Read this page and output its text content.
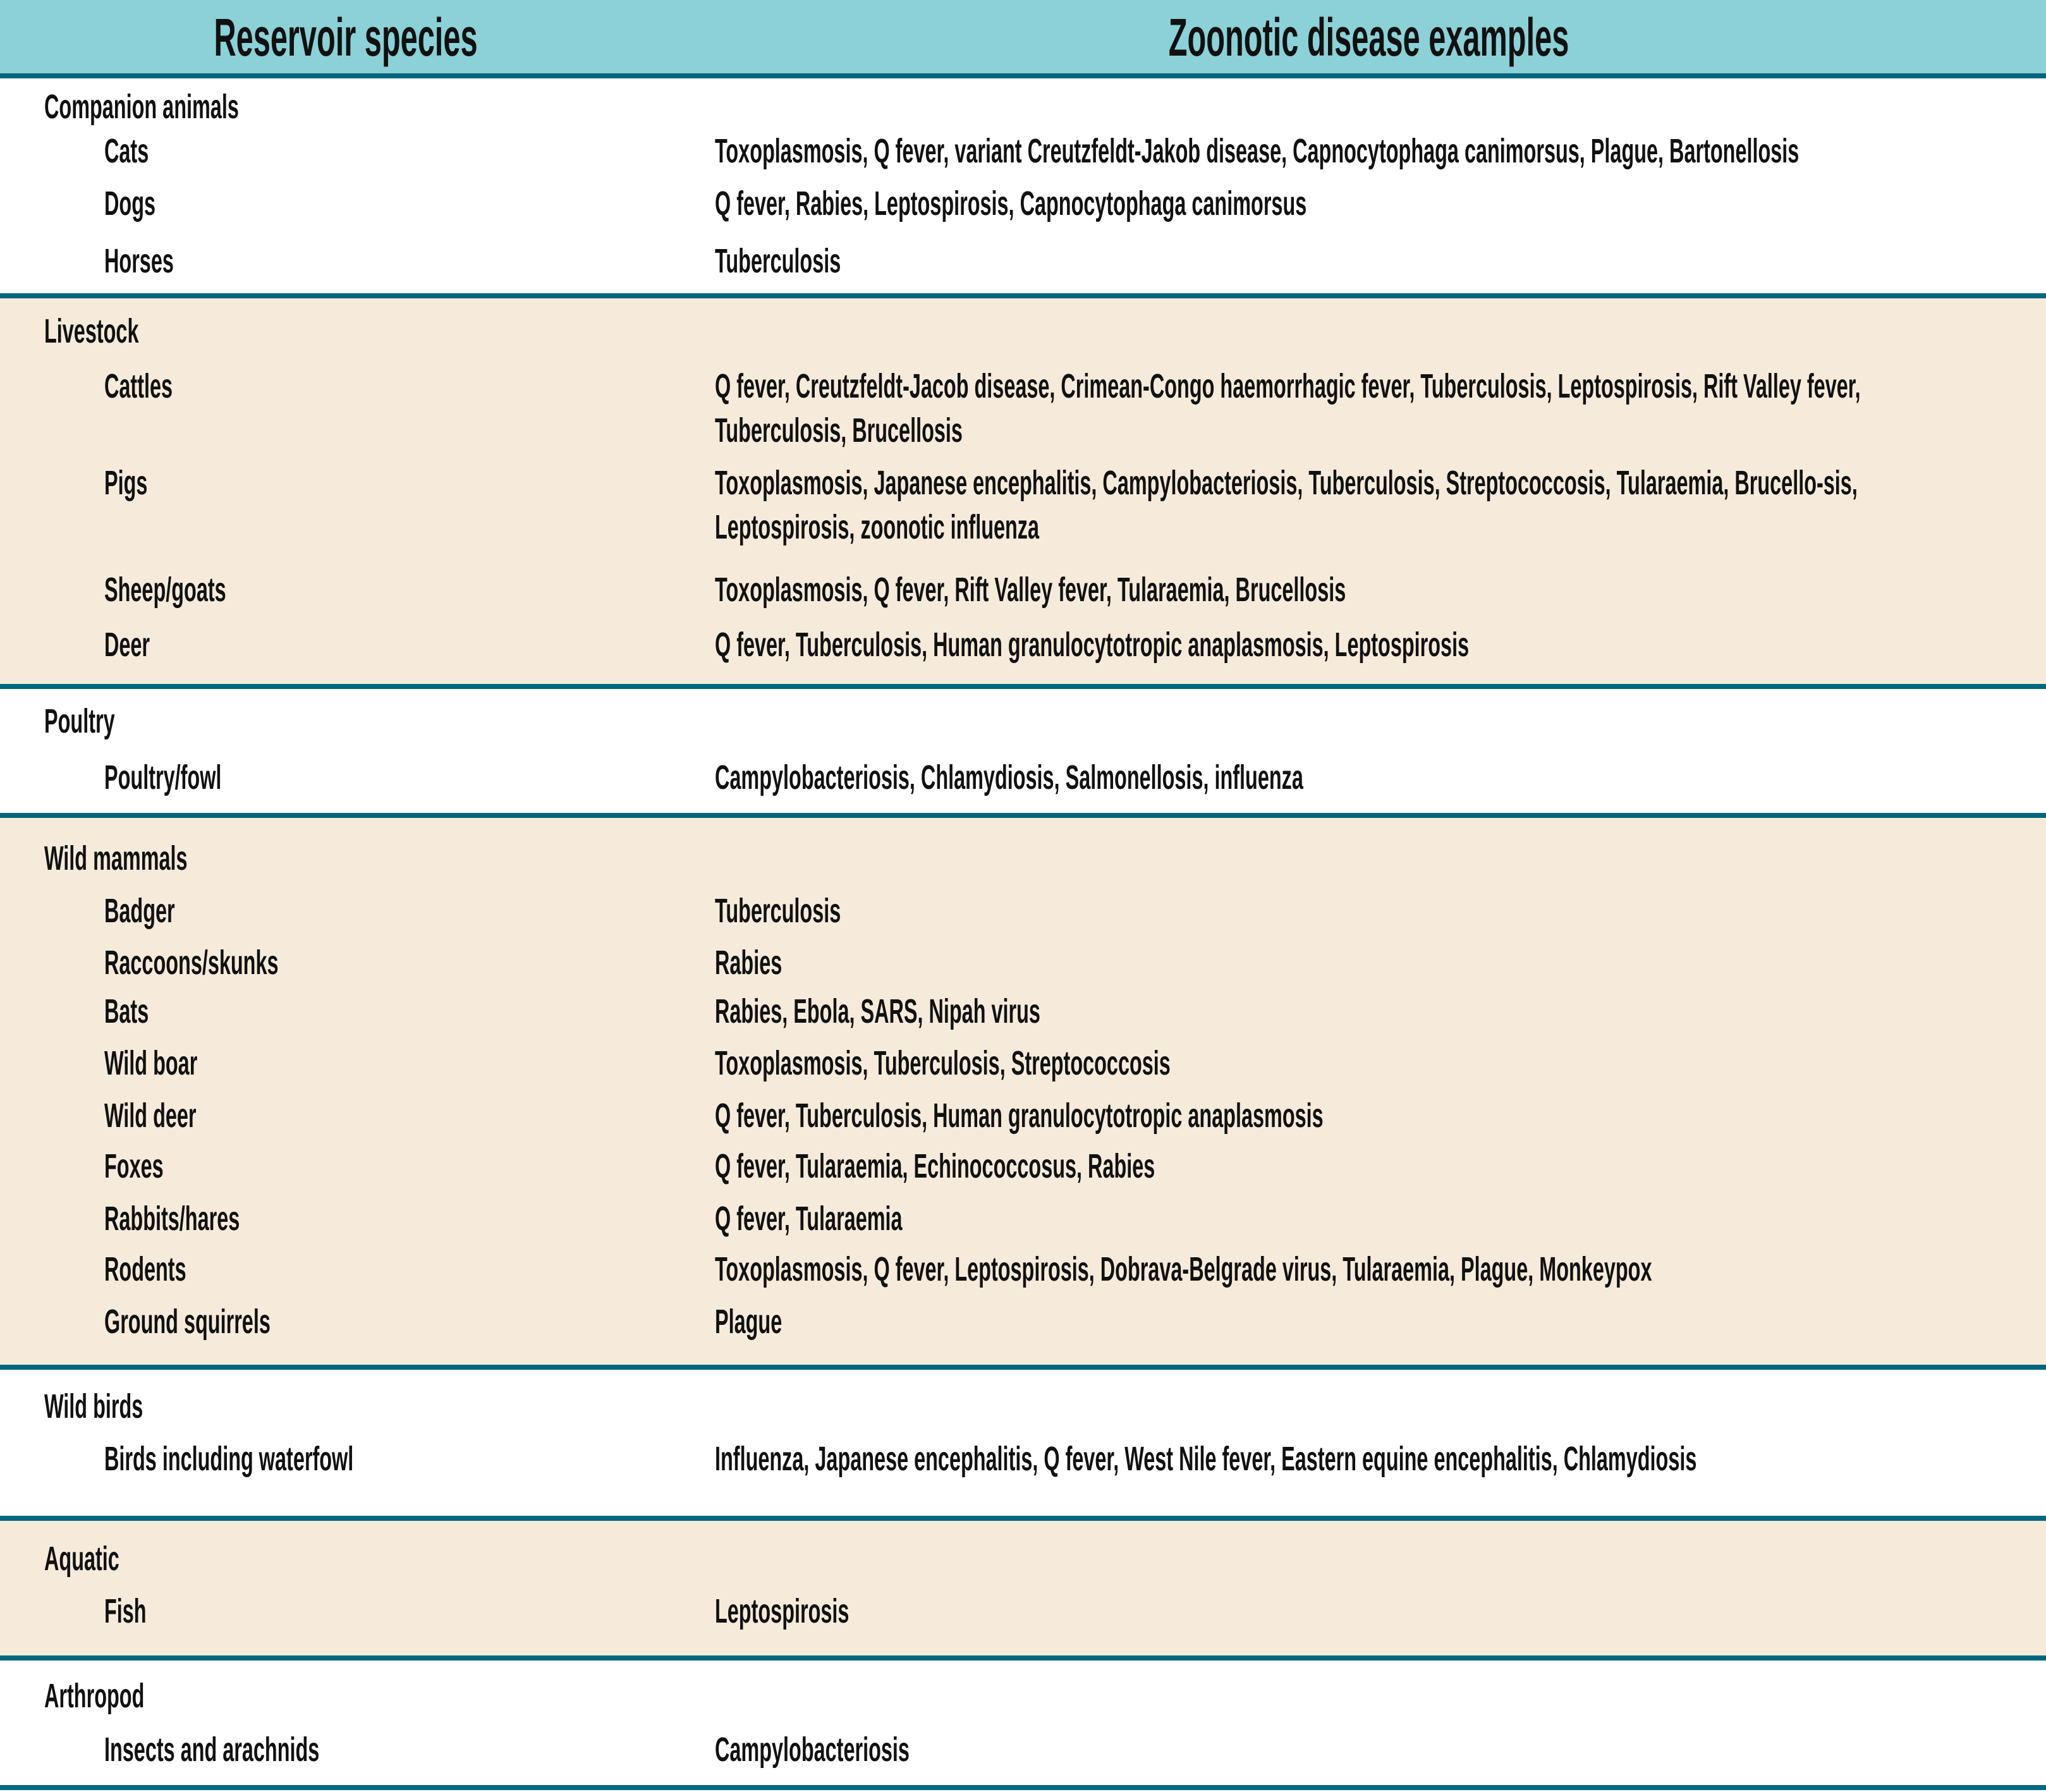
Reservoir species	Zoonotic disease examples
Companion animals
Cats	Toxoplasmosis, Q fever, variant Creutzfeldt-Jakob disease, Capnocytophaga canimorsus, Plague, Bartonellosis
Dogs	Q fever, Rabies, Leptospirosis, Capnocytophaga canimorsus
Horses	Tuberculosis
Livestock
Cattles	Q fever, Creutzfeldt-Jacob disease, Crimean-Congo haemorrhagic fever, Tuberculosis, Leptospirosis, Rift Valley fever, Tuberculosis, Brucellosis
Pigs	Toxoplasmosis, Japanese encephalitis, Campylobacteriosis, Tuberculosis, Streptococcosis, Tularaemia, Brucello-sis, Leptospirosis, zoonotic influenza
Sheep/goats	Toxoplasmosis, Q fever, Rift Valley fever, Tularaemia, Brucellosis
Deer	Q fever, Tuberculosis, Human granulocytotropic anaplasmosis, Leptospirosis
Poultry
Poultry/fowl	Campylobacteriosis, Chlamydiosis, Salmonellosis, influenza
Wild mammals
Badger	Tuberculosis
Raccoons/skunks	Rabies
Bats	Rabies, Ebola, SARS, Nipah virus
Wild boar	Toxoplasmosis, Tuberculosis, Streptococcosis
Wild deer	Q fever, Tuberculosis, Human granulocytotropic anaplasmosis
Foxes	Q fever, Tularaemia, Echinococcosus, Rabies
Rabbits/hares	Q fever, Tularaemia
Rodents	Toxoplasmosis, Q fever, Leptospirosis, Dobrava-Belgrade virus, Tularaemia, Plague, Monkeypox
Ground squirrels	Plague
Wild birds
Birds including waterfowl	Influenza, Japanese encephalitis, Q fever, West Nile fever, Eastern equine encephalitis, Chlamydiosis
Aquatic
Fish	Leptospirosis
Arthropod
Insects and arachnids	Campylobacteriosis
